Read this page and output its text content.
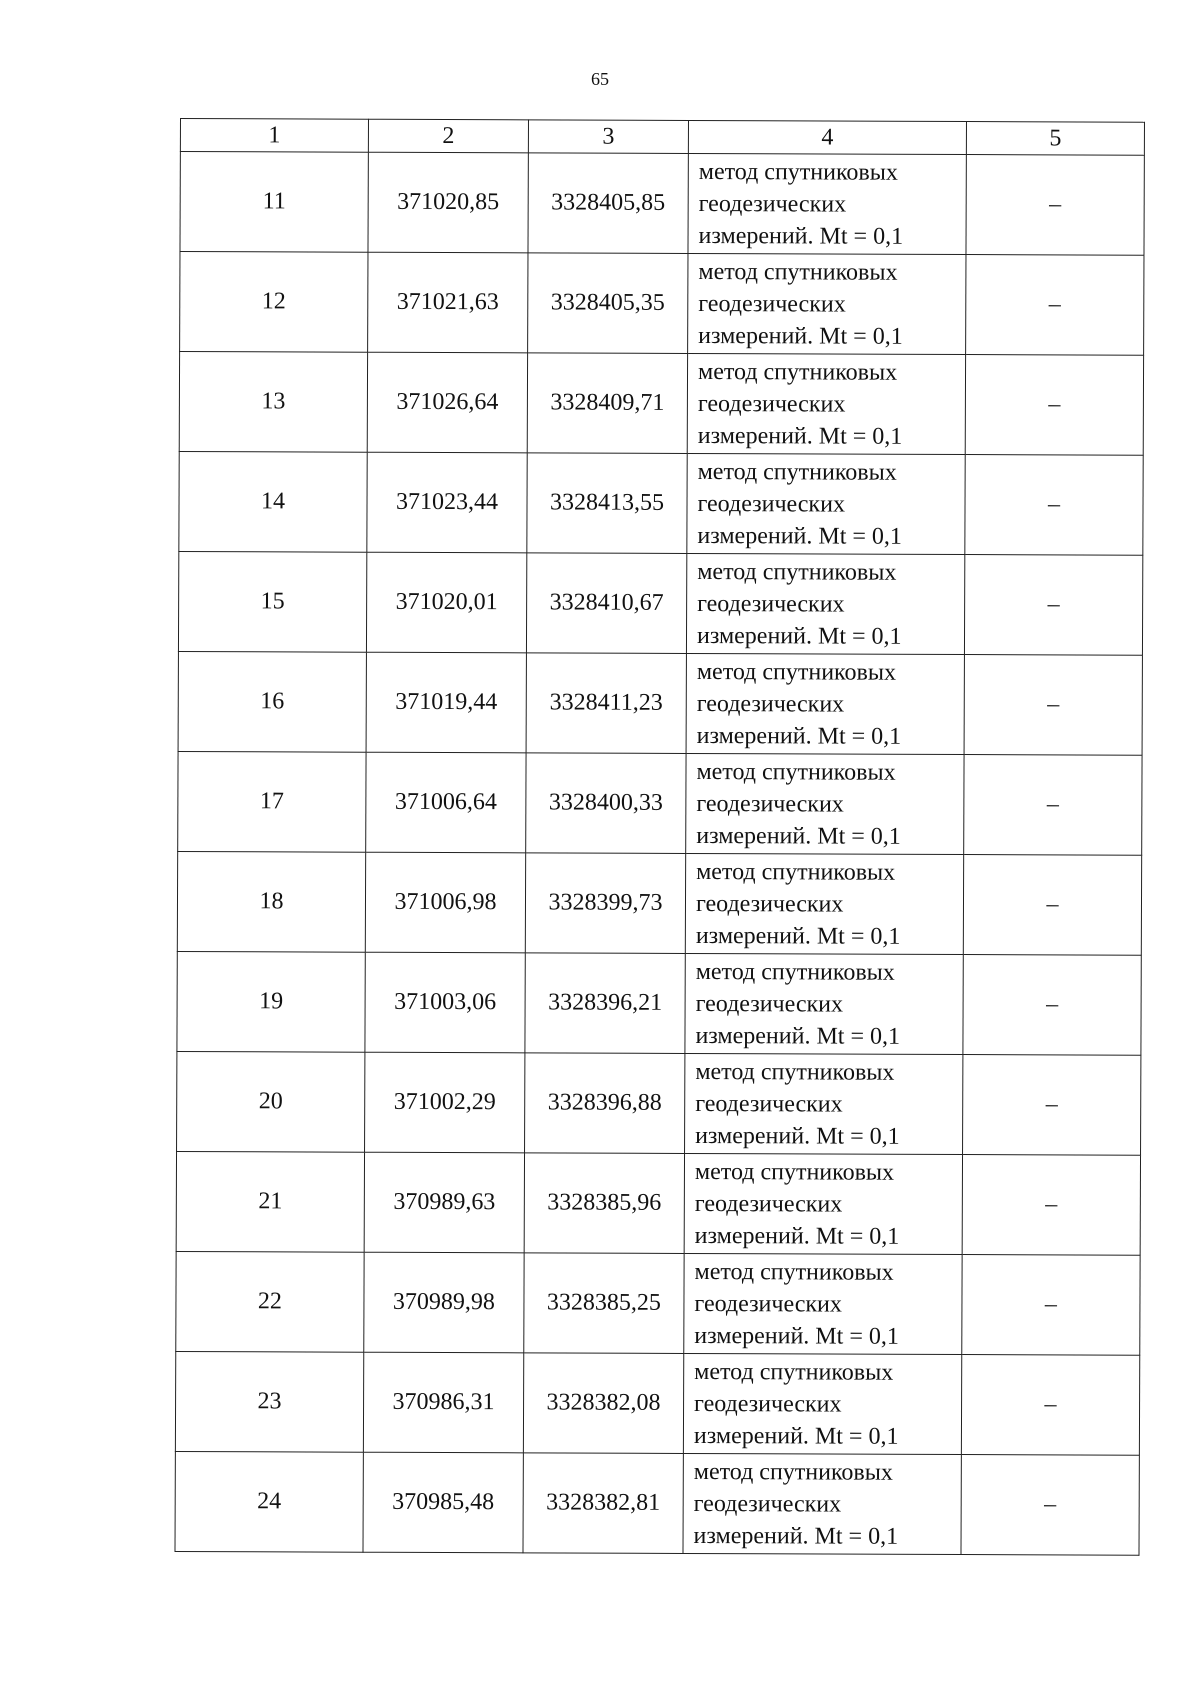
65
1	2	3	4	5
11	371020,85	3328405,85	метод спутниковых
геодезических
измерений. Mt = 0,1	–
12	371021,63	3328405,35	метод спутниковых
геодезических
измерений. Mt = 0,1	–
13	371026,64	3328409,71	метод спутниковых
геодезических
измерений. Mt = 0,1	–
14	371023,44	3328413,55	метод спутниковых
геодезических
измерений. Mt = 0,1	–
15	371020,01	3328410,67	метод спутниковых
геодезических
измерений. Mt = 0,1	–
16	371019,44	3328411,23	метод спутниковых
геодезических
измерений. Mt = 0,1	–
17	371006,64	3328400,33	метод спутниковых
геодезических
измерений. Mt = 0,1	–
18	371006,98	3328399,73	метод спутниковых
геодезических
измерений. Mt = 0,1	–
19	371003,06	3328396,21	метод спутниковых
геодезических
измерений. Mt = 0,1	–
20	371002,29	3328396,88	метод спутниковых
геодезических
измерений. Mt = 0,1	–
21	370989,63	3328385,96	метод спутниковых
геодезических
измерений. Mt = 0,1	–
22	370989,98	3328385,25	метод спутниковых
геодезических
измерений. Mt = 0,1	–
23	370986,31	3328382,08	метод спутниковых
геодезических
измерений. Mt = 0,1	–
24	370985,48	3328382,81	метод спутниковых
геодезических
измерений. Mt = 0,1	–
